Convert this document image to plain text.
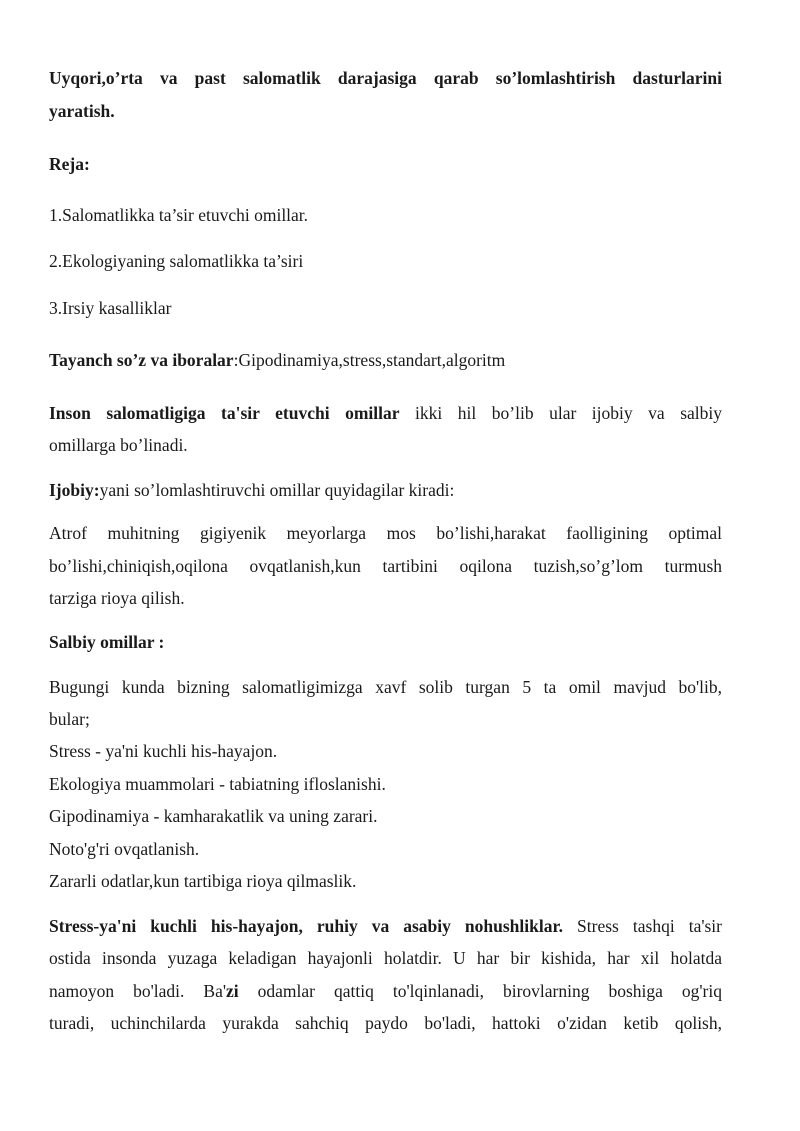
Uyqori,o’rta va past salomatlik darajasiga qarab so’lomlashtirish dasturlarini
yaratish.
Reja:
1.Salomatlikka ta’sir etuvchi omillar.
2.Ekologiyaning salomatlikka ta’siri
3.Irsiy kasalliklar
Tayanch so’z va iboralar:Gipodinamiya,stress,standart,algoritm
Inson salomatligiga ta'sir etuvchi omillar ikki hil bo’lib ular ijobiy va salbiy
omillarga bo’linadi.
Ijobiy:yani so’lomlashtiruvchi omillar quyidagilar kiradi:
Atrof muhitning gigiyenik meyorlarga mos bo’lishi,harakat faolligining optimal
bo’lishi,chiniqish,oqilona ovqatlanish,kun tartibini oqilona tuzish,so’g’lom turmush
tarziga rioya qilish.
Salbiy omillar :
Bugungi kunda bizning salomatligimizga xavf solib turgan 5 ta omil mavjud bo'lib,
bular;
Stress - ya'ni kuchli his-hayajon.
Ekologiya muammolari - tabiatning ifloslanishi.
Gipodinamiya - kamharakatlik va uning zarari.
Noto'g'ri ovqatlanish.
Zararli odatlar,kun tartibiga rioya qilmaslik.
Stress-ya'ni kuchli his-hayajon, ruhiy va asabiy nohushliklar. Stress tashqi ta'sir
ostida insonda yuzaga keladigan hayajonli holatdir. U har bir kishida, har xil holatda
namoyon bo'ladi. Ba'zi odamlar qattiq to'lqinlanadi, birovlarning boshiga og'riq
turadi, uchinchilarda yurakda sahchiq paydo bo'ladi, hattoki o'zidan ketib qolish,
